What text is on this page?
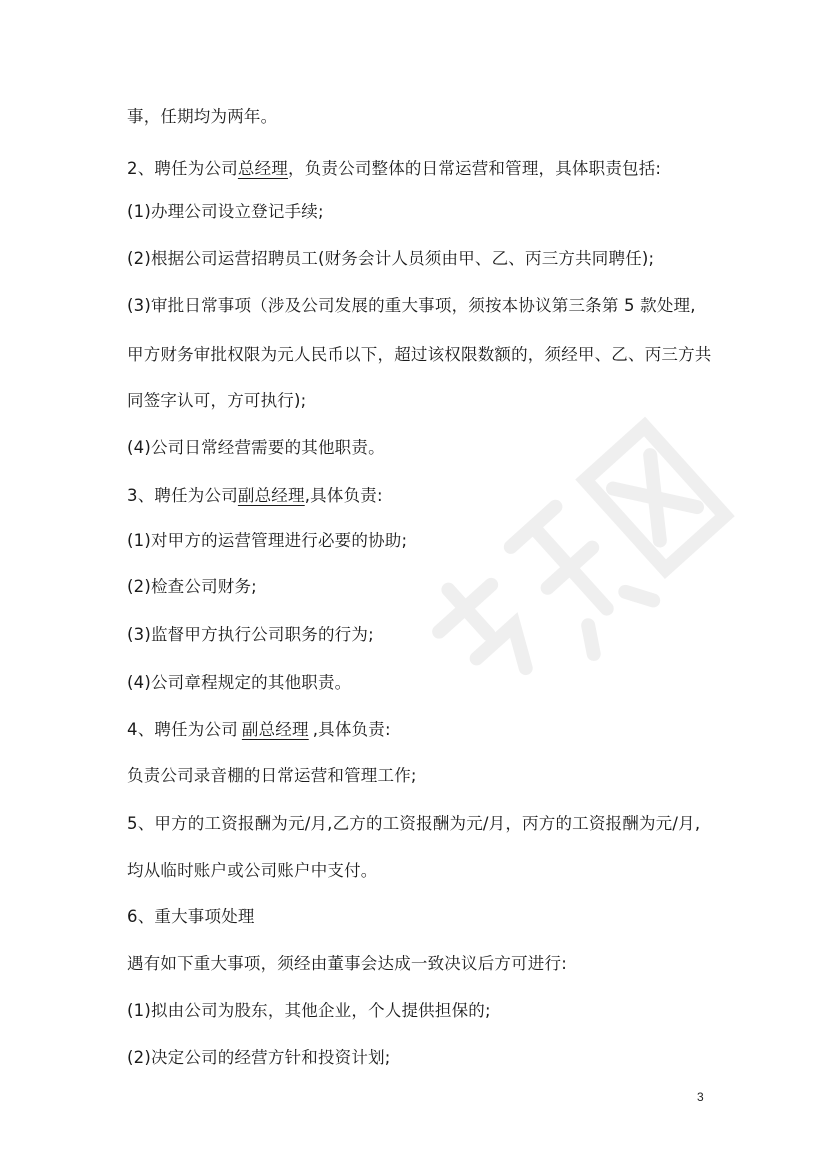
事，任期均为两年。
2、聘任为公司总经理，负责公司整体的日常运营和管理，具体职责包括:
(1)办理公司设立登记手续;
(2)根据公司运营招聘员工(财务会计人员须由甲、乙、丙三方共同聘任);
(3)审批日常事项（涉及公司发展的重大事项，须按本协议第三条第 5 款处理,
甲方财务审批权限为元人民币以下，超过该权限数额的，须经甲、乙、丙三方共
同签字认可，方可执行);
(4)公司日常经营需要的其他职责。
3、聘任为公司副总经理,具体负责:
(1)对甲方的运营管理进行必要的协助;
(2)检查公司财务;
(3)监督甲方执行公司职务的行为;
(4)公司章程规定的其他职责。
4、聘任为公司 副总经理 ,具体负责:
负责公司录音棚的日常运营和管理工作;
5、甲方的工资报酬为元/月,乙方的工资报酬为元/月，丙方的工资报酬为元/月,
均从临时账户或公司账户中支付。
6、重大事项处理
遇有如下重大事项，须经由董事会达成一致决议后方可进行:
(1)拟由公司为股东，其他企业，个人提供担保的;
(2)决定公司的经营方针和投资计划;
3
